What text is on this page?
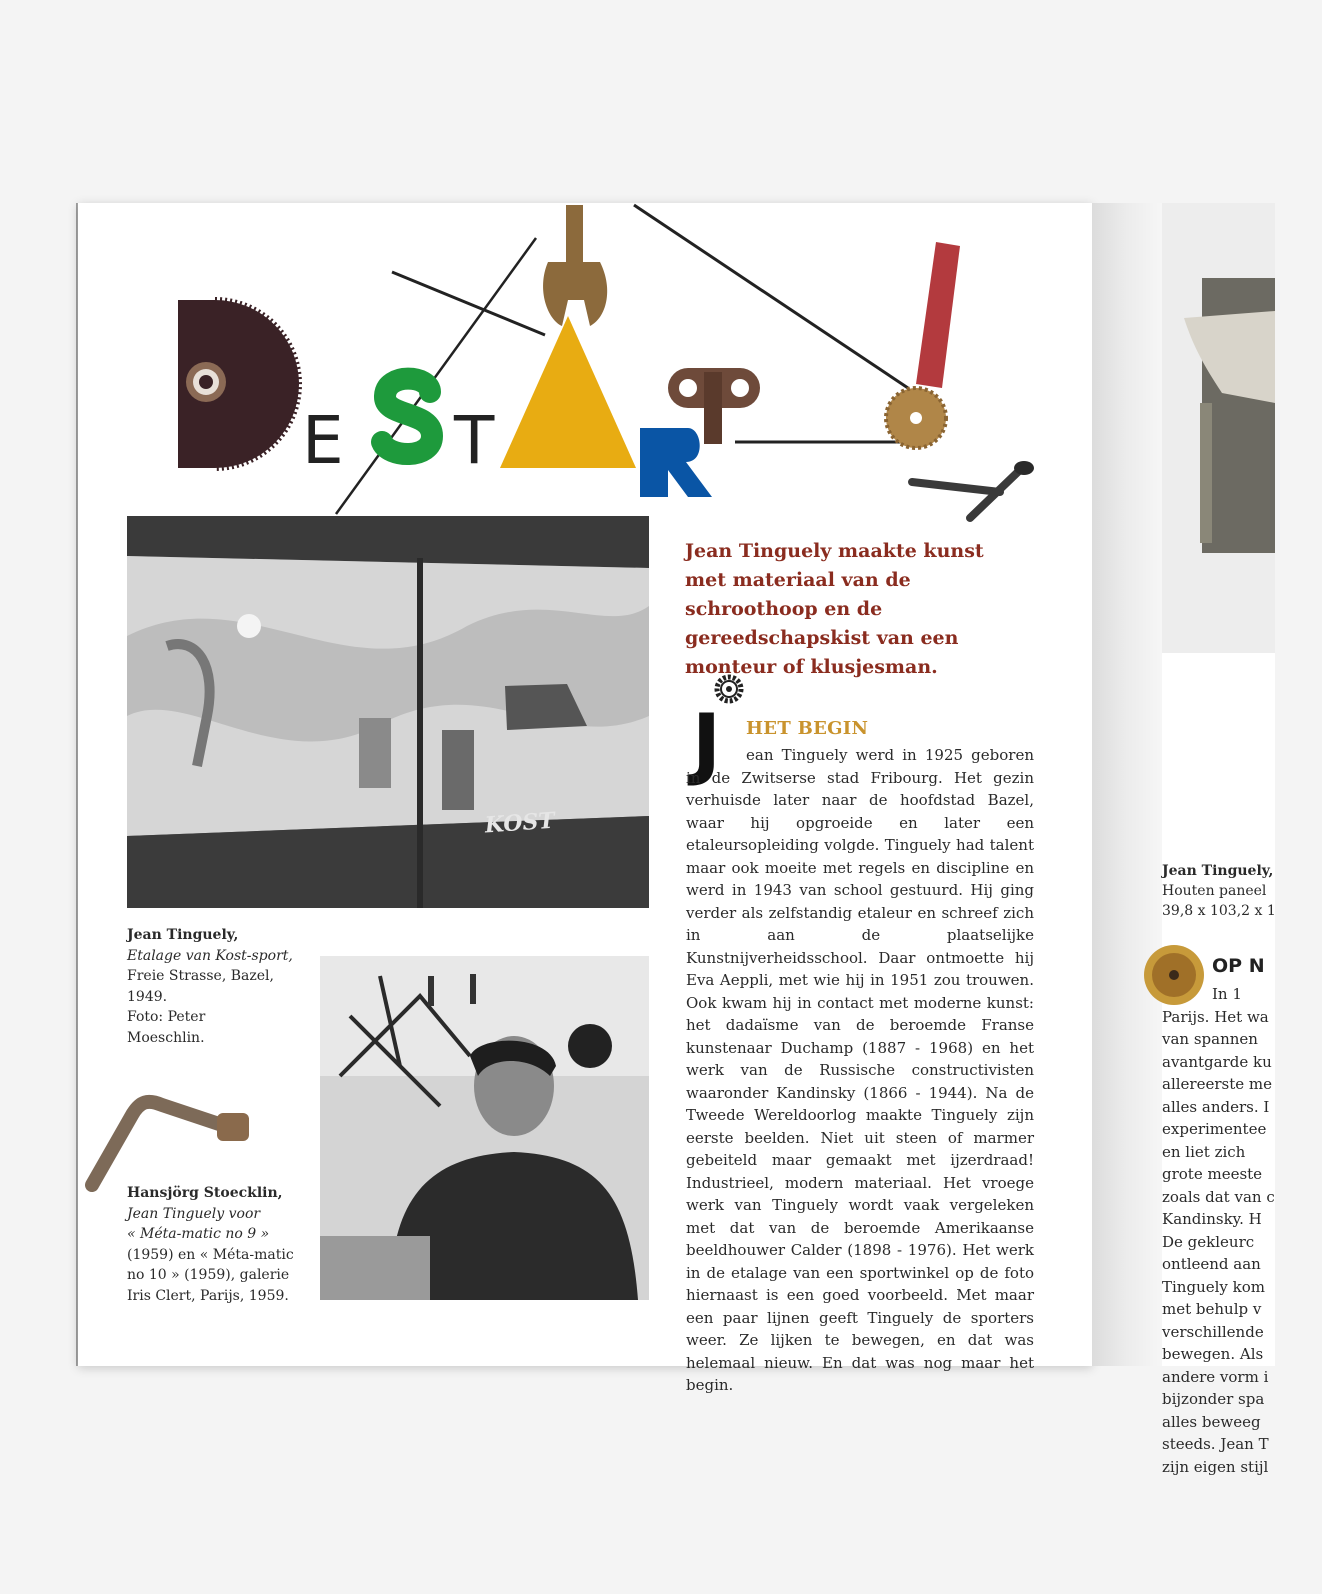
E T
KOST
Jean Tinguely,
Etalage van Kost-sport,
Freie Strasse, Bazel,
1949.
Foto: Peter
Moeschlin.
Hansjörg Stoecklin,
Jean Tinguely voor
« Méta-matic no 9 »
(1959) en « Méta-matic
no 10 » (1959), galerie
Iris Clert, Parijs, 1959.
Jean Tinguely maakte kunst met materiaal van de schroothoop en de gereedschapskist van een monteur of klusjesman.
J HET BEGIN
ean Tinguely werd in 1925 geboren in de Zwitserse stad Fribourg. Het gezin verhuisde later naar de hoofdstad Bazel, waar hij opgroeide en later een etaleursopleiding volgde. Tinguely had talent maar ook moeite met regels en discipline en werd in 1943 van school gestuurd. Hij ging verder als zelfstandig etaleur en schreef zich in aan de plaatselijke Kunstnijverheidsschool. Daar ontmoette hij Eva Aeppli, met wie hij in 1951 zou trouwen. Ook kwam hij in contact met moderne kunst: het dadaïsme van de beroemde Franse kunstenaar Duchamp (1887 - 1968) en het werk van de Russische constructivisten waaronder Kandinsky (1866 - 1944). Na de Tweede Wereldoorlog maakte Tinguely zijn eerste beelden. Niet uit steen of marmer gebeiteld maar gemaakt met ijzerdraad! Industrieel, modern materiaal. Het vroege werk van Tinguely wordt vaak vergeleken met dat van de beroemde Amerikaanse beeldhouwer Calder (1898 - 1976). Het werk in de etalage van een sportwinkel op de foto hiernaast is een goed voorbeeld. Met maar een paar lijnen geeft Tinguely de sporters weer. Ze lijken te bewegen, en dat was helemaal nieuw. En dat was nog maar het begin.
Jean Tinguely,
Houten paneel
39,8 x 103,2 x 1
OP N
In 1
Parijs. Het wa
van spannen
avantgarde ku
allereerste me
alles anders. I
experimentee
en liet zich
grote meeste
zoals dat van c
Kandinsky. H
De gekleurc
ontleend aan
Tinguely kom
met behulp v
verschillende
bewegen. Als
andere vorm i
bijzonder spa
alles beweeg
steeds. Jean T
zijn eigen stijl
